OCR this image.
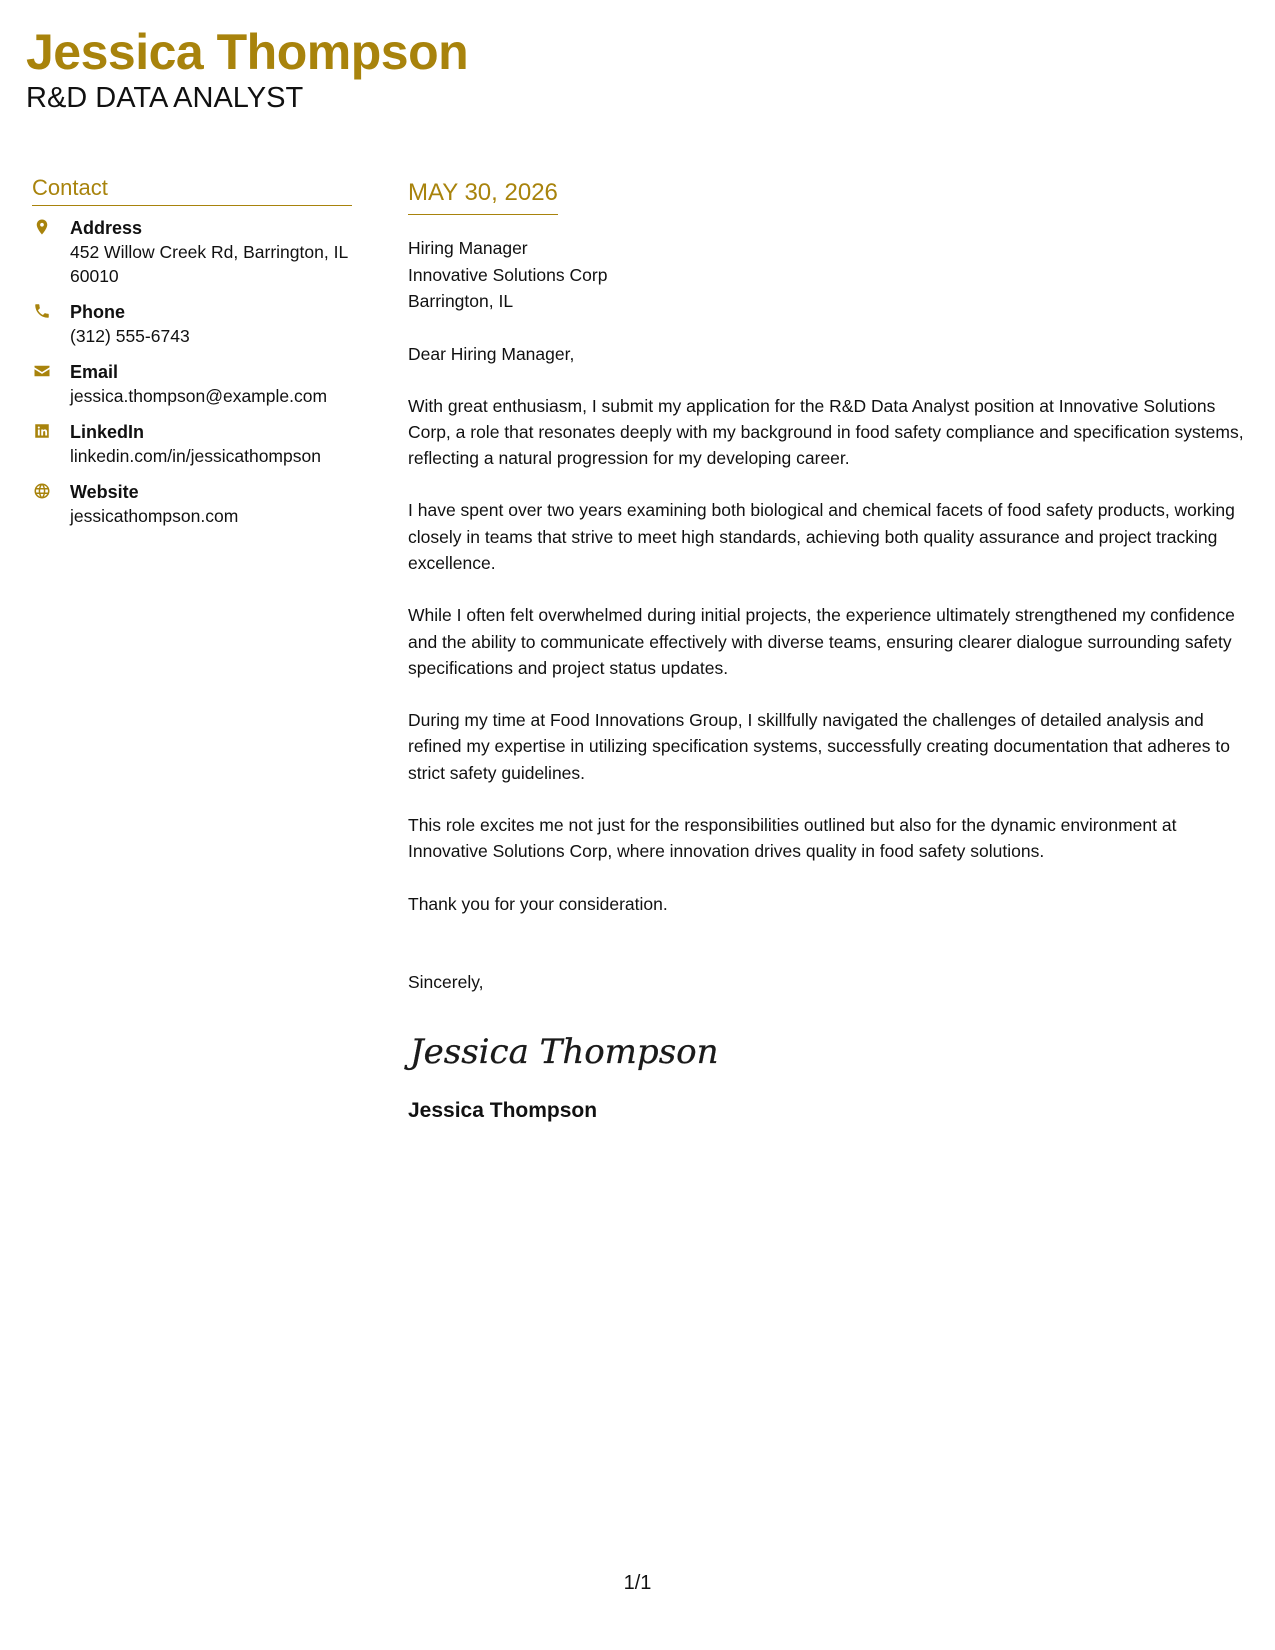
Jessica Thompson
R&D DATA ANALYST
Contact
Address
452 Willow Creek Rd, Barrington, IL 60010
Phone
(312) 555-6743
Email
jessica.thompson@example.com
LinkedIn
linkedin.com/in/jessicathompson
Website
jessicathompson.com
MAY 30, 2026
Hiring Manager
Innovative Solutions Corp
Barrington, IL
Dear Hiring Manager,

With great enthusiasm, I submit my application for the R&D Data Analyst position at Innovative Solutions Corp, a role that resonates deeply with my background in food safety compliance and specification systems, reflecting a natural progression for my developing career.

I have spent over two years examining both biological and chemical facets of food safety products, working closely in teams that strive to meet high standards, achieving both quality assurance and project tracking excellence.

While I often felt overwhelmed during initial projects, the experience ultimately strengthened my confidence and the ability to communicate effectively with diverse teams, ensuring clearer dialogue surrounding safety specifications and project status updates.

During my time at Food Innovations Group, I skillfully navigated the challenges of detailed analysis and refined my expertise in utilizing specification systems, successfully creating documentation that adheres to strict safety guidelines.

This role excites me not just for the responsibilities outlined but also for the dynamic environment at Innovative Solutions Corp, where innovation drives quality in food safety solutions.

Thank you for your consideration.

Sincerely,
Jessica Thompson
Jessica Thompson
1/1
